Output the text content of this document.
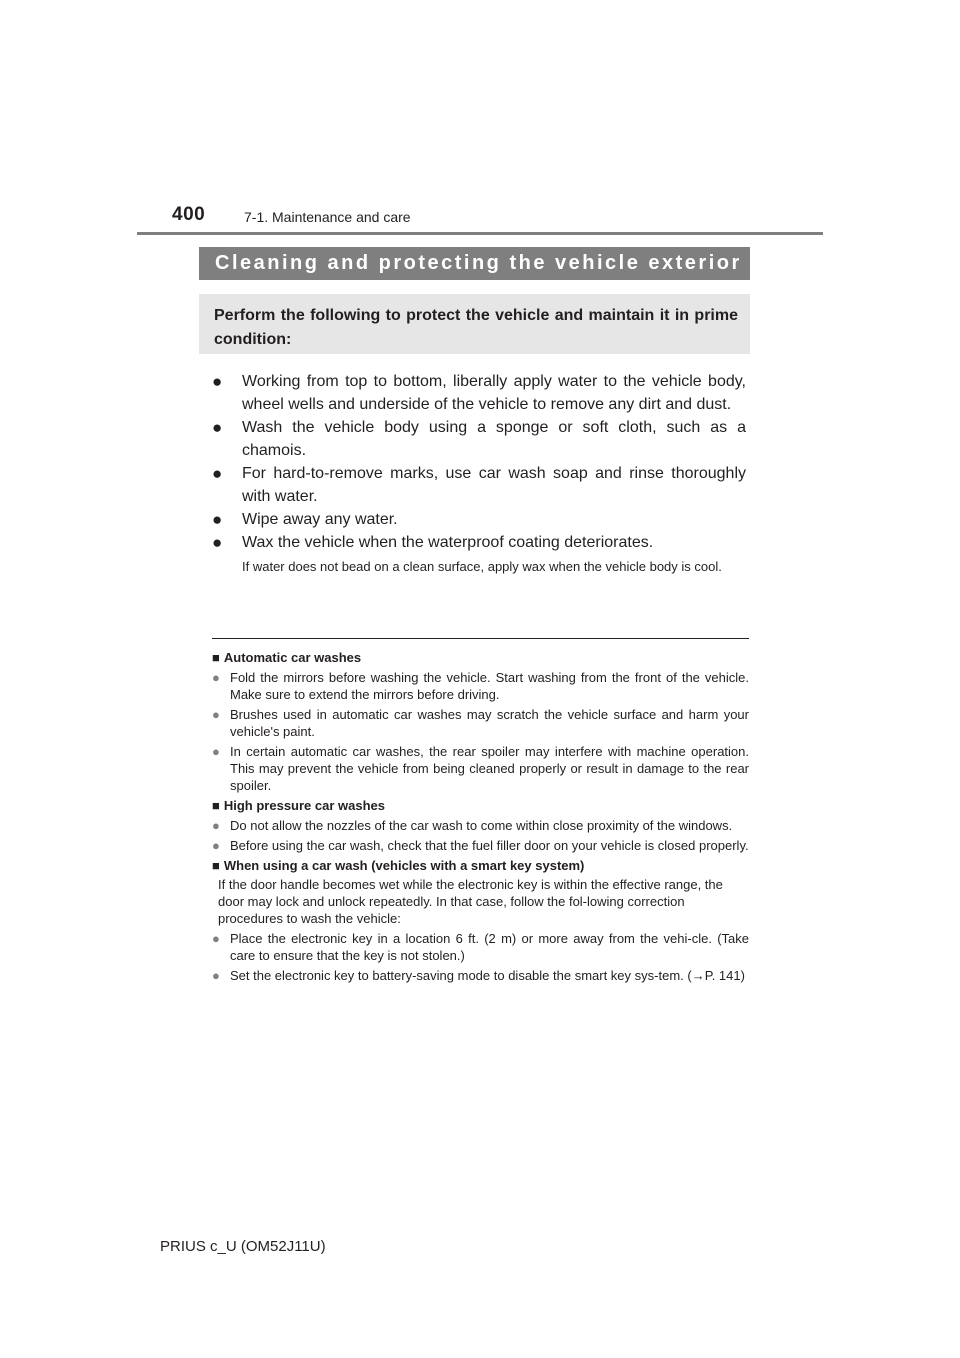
400	7-1. Maintenance and care
Cleaning and protecting the vehicle exterior
Perform the following to protect the vehicle and maintain it in prime condition:
● Working from top to bottom, liberally apply water to the vehicle body, wheel wells and underside of the vehicle to remove any dirt and dust.
● Wash the vehicle body using a sponge or soft cloth, such as a chamois.
● For hard-to-remove marks, use car wash soap and rinse thoroughly with water.
● Wipe away any water.
● Wax the vehicle when the waterproof coating deteriorates.
If water does not bead on a clean surface, apply wax when the vehicle body is cool.
■ Automatic car washes
● Fold the mirrors before washing the vehicle. Start washing from the front of the vehicle. Make sure to extend the mirrors before driving.
● Brushes used in automatic car washes may scratch the vehicle surface and harm your vehicle's paint.
● In certain automatic car washes, the rear spoiler may interfere with machine operation. This may prevent the vehicle from being cleaned properly or result in damage to the rear spoiler.
■ High pressure car washes
● Do not allow the nozzles of the car wash to come within close proximity of the windows.
● Before using the car wash, check that the fuel filler door on your vehicle is closed properly.
■ When using a car wash (vehicles with a smart key system)
If the door handle becomes wet while the electronic key is within the effective range, the door may lock and unlock repeatedly. In that case, follow the fol-lowing correction procedures to wash the vehicle:
● Place the electronic key in a location 6 ft. (2 m) or more away from the vehi-cle. (Take care to ensure that the key is not stolen.)
● Set the electronic key to battery-saving mode to disable the smart key sys-tem. (→P. 141)
PRIUS c_U (OM52J11U)
